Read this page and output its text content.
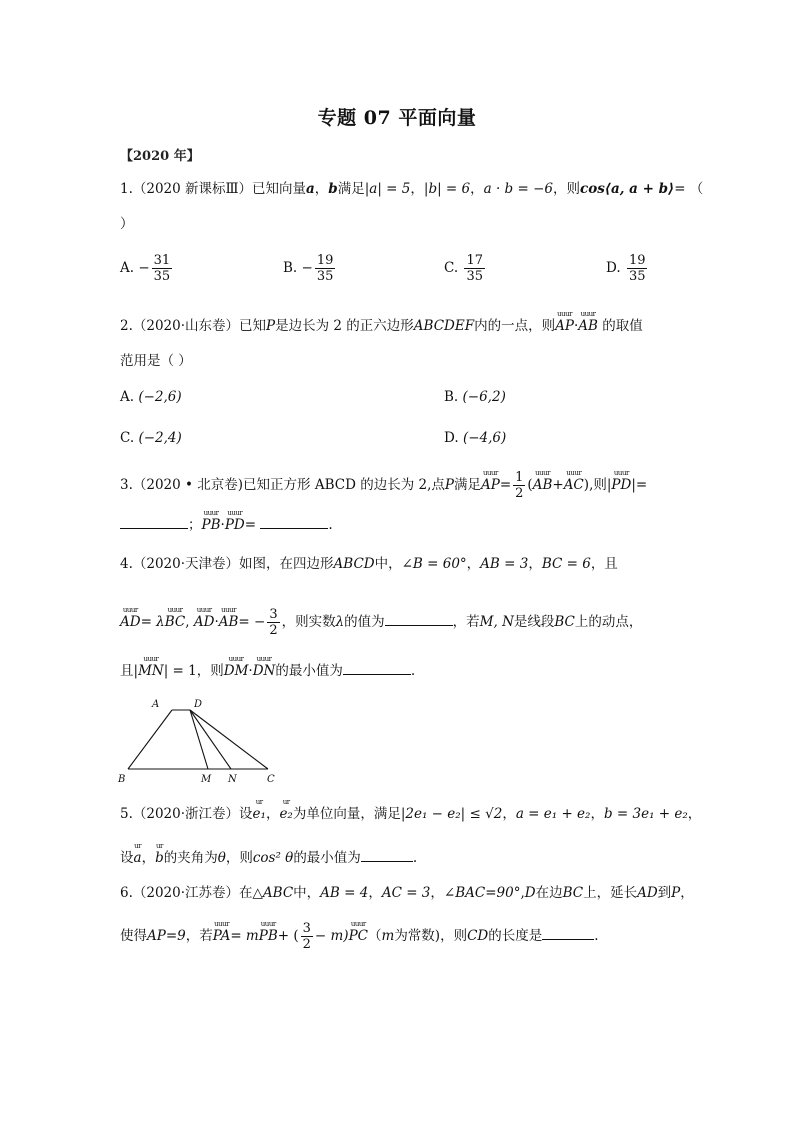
专题 07 平面向量
【2020 年】
1.（2020 新课标Ⅲ）已知向量a，b满足|a| = 5，|b| = 6，a · b = −6，则cos⟨a, a + b⟩= （
）
A. − $\frac{31}{35}$	B. − $\frac{19}{35}$	C. $\frac{17}{35}$	D. $\frac{19}{35}$
2.（2020·山东卷）已知P是边长为 2 的正六边形ABCDEF内的一点，则uuur AP·uuur AB 的取值
范用是（ ）
A. (−2,6)	B. (−6,2)
C. (−2,4)	D. (−4,6)
3.（2020 • 北京卷)已知正方形 ABCD 的边长为 2,点P满足uuur $AP= \frac{1}{2}$ (uuur AB+uuur AC),则|uuur PD|=
；uuur PB·uuur PD=	.
4.（2020·天津卷）如图，在四边形ABCD中，∠B = 60°，AB = 3，BC = 6，且
uuur AD= λuuur BC, uuur AD·uuur $AB= - \frac{3}{2}$ ，则实数λ的值为	，若M, N是线段BC上的动点，
且|uuur MN| = 1，则uuur DM·uuur DN的最小值为	.
A	D
B	M N	C
5.（2020·浙江卷）设ur e₁，ur e₂为单位向量，满足|2e₁ − e₂| ≤ √2，a = e₁ + e₂，b = 3e₁ + e₂，
设ur a，ur b的夹角为θ，则cos² θ的最小值为	.
6.（2020·江苏卷）在△ABC中，AB = 4，AC = 3，∠BAC=90°,D在边BC上，延长AD到P，
使得AP=9，若uuur PA= muuur PB+ ( $\frac{3}{2}$ − m)uuur PC（m为常数)，则CD的长度是	.
